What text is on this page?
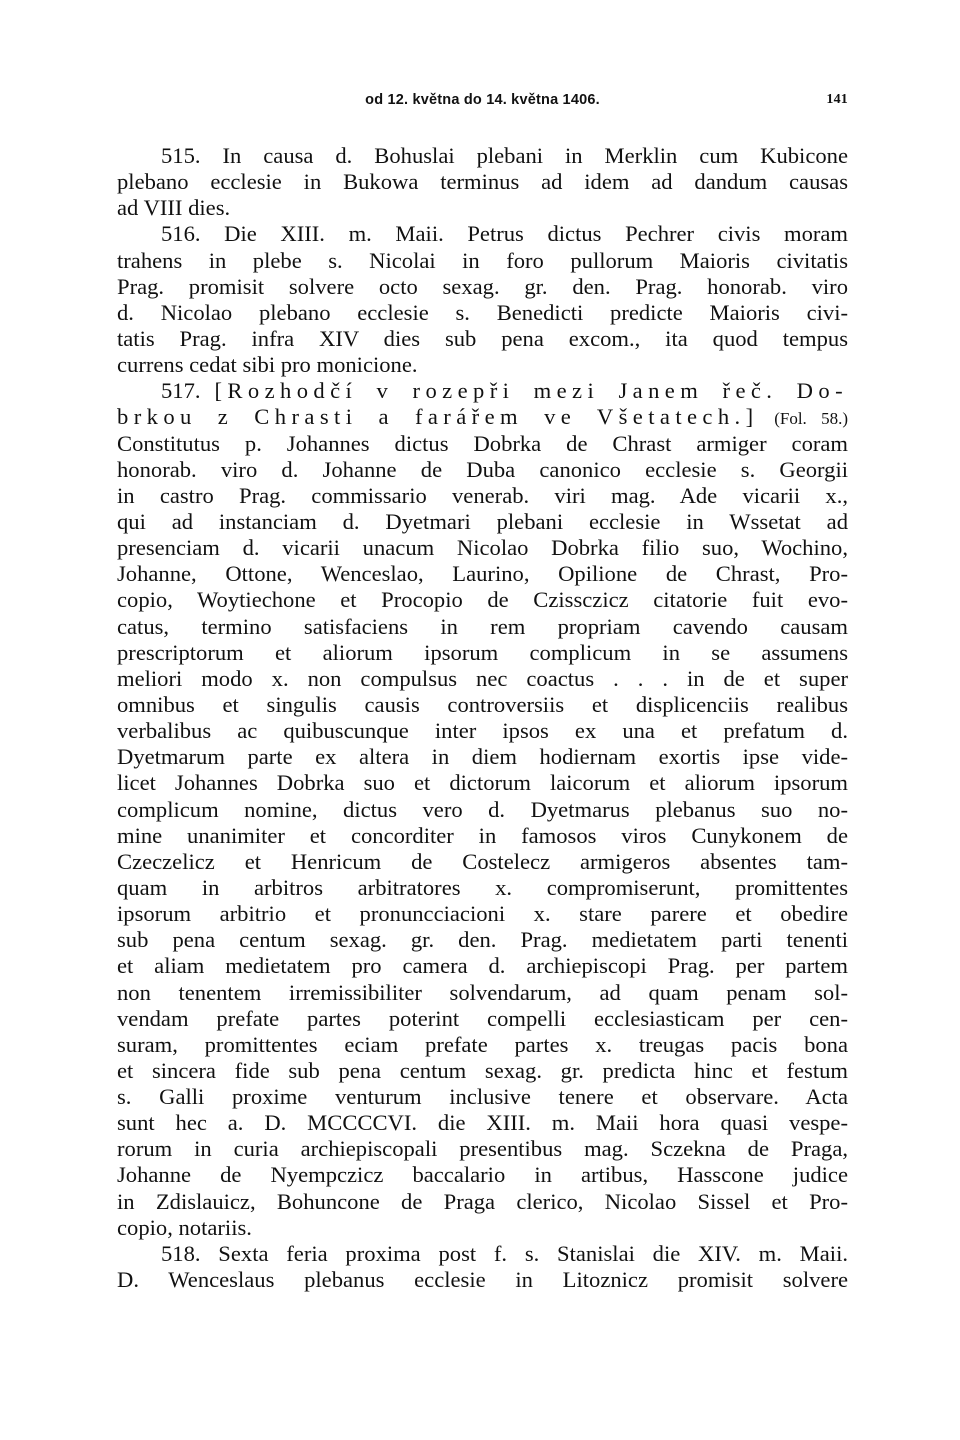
od 12. května do 14. května 1406.	141
515. In causa d. Bohuslai plebani in Merklin cum Kubicone
plebano ecclesie in Bukowa terminus ad idem ad dandum causas
ad VIII dies.
516. Die XIII. m. Maii. Petrus dictus Pechrer civis moram
trahens in plebe s. Nicolai in foro pullorum Maioris civitatis
Prag. promisit solvere octo sexag. gr. den. Prag. honorab. viro
d. Nicolao plebano ecclesie s. Benedicti predicte Maioris civi-
tatis Prag. infra XIV dies sub pena excom., ita quod tempus
currens cedat sibi pro monicione.
517. [Rozhodčí v rozepři mezi Janem řeč. Do-
brkou z Chrasti a farářem ve Všetatech.] (Fol. 58.)
Constitutus p. Johannes dictus Dobrka de Chrast armiger coram
honorab. viro d. Johanne de Duba canonico ecclesie s. Georgii
in castro Prag. commissario venerab. viri mag. Ade vicarii x.,
qui ad instanciam d. Dyetmari plebani ecclesie in Wssetat ad
presenciam d. vicarii unacum Nicolao Dobrka filio suo, Wochino,
Johanne, Ottone, Wenceslao, Laurino, Opilione de Chrast, Pro-
copio, Woytiechone et Procopio de Czissczicz citatorie fuit evo-
catus, termino satisfaciens in rem propriam cavendo causam
prescriptorum et aliorum ipsorum complicum in se assumens
meliori modo x. non compulsus nec coactus . . . in de et super
omnibus et singulis causis controversiis et displicenciis realibus
verbalibus ac quibuscunque inter ipsos ex una et prefatum d.
Dyetmarum parte ex altera in diem hodiernam exortis ipse vide-
licet Johannes Dobrka suo et dictorum laicorum et aliorum ipsorum
complicum nomine, dictus vero d. Dyetmarus plebanus suo no-
mine unanimiter et concorditer in famosos viros Cunykonem de
Czeczelicz et Henricum de Costelecz armigeros absentes tam-
quam in arbitros arbitratores x. compromiserunt, promittentes
ipsorum arbitrio et pronuncciacioni x. stare parere et obedire
sub pena centum sexag. gr. den. Prag. medietatem parti tenenti
et aliam medietatem pro camera d. archiepiscopi Prag. per partem
non tenentem irremissibiliter solvendarum, ad quam penam sol-
vendam prefate partes poterint compelli ecclesiasticam per cen-
suram, promittentes eciam prefate partes x. treugas pacis bona
et sincera fide sub pena centum sexag. gr. predicta hinc et festum
s. Galli proxime venturum inclusive tenere et observare. Acta
sunt hec a. D. MCCCCVI. die XIII. m. Maii hora quasi vespe-
rorum in curia archiepiscopali presentibus mag. Sczekna de Praga,
Johanne de Nyempczicz baccalario in artibus, Hasscone judice
in Zdislauicz, Bohuncone de Praga clerico, Nicolao Sissel et Pro-
copio, notariis.
518. Sexta feria proxima post f. s. Stanislai die XIV. m. Maii.
D. Wenceslaus plebanus ecclesie in Litoznicz promisit solvere
